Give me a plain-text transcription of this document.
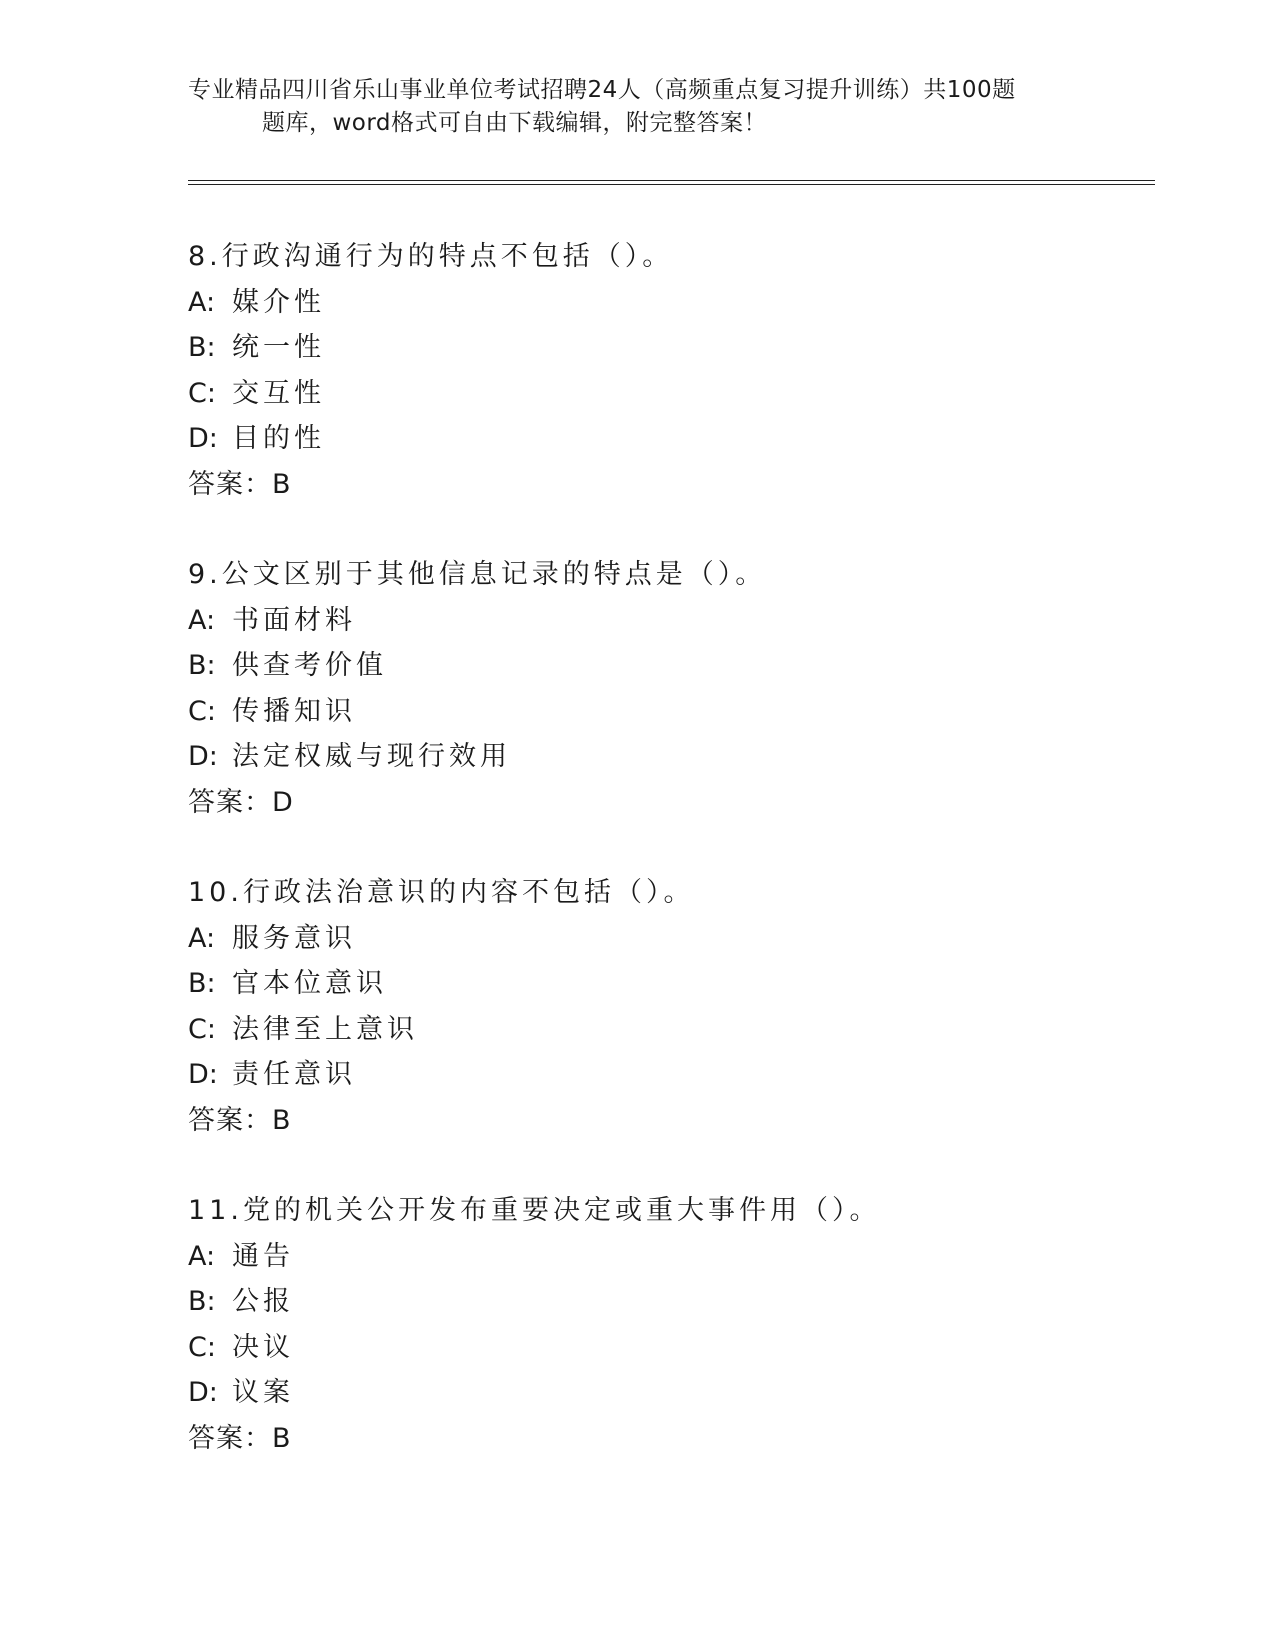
专业精品四川省乐山事业单位考试招聘24人（高频重点复习提升训练）共100题
题库，word格式可自由下载编辑，附完整答案！
8.行政沟通行为的特点不包括（）。
A: 媒介性
B: 统一性
C: 交互性
D: 目的性
答案：B
9.公文区别于其他信息记录的特点是（）。
A: 书面材料
B: 供查考价值
C: 传播知识
D: 法定权威与现行效用
答案：D
10.行政法治意识的内容不包括（）。
A: 服务意识
B: 官本位意识
C: 法律至上意识
D: 责任意识
答案：B
11.党的机关公开发布重要决定或重大事件用（）。
A: 通告
B: 公报
C: 决议
D: 议案
答案：B
